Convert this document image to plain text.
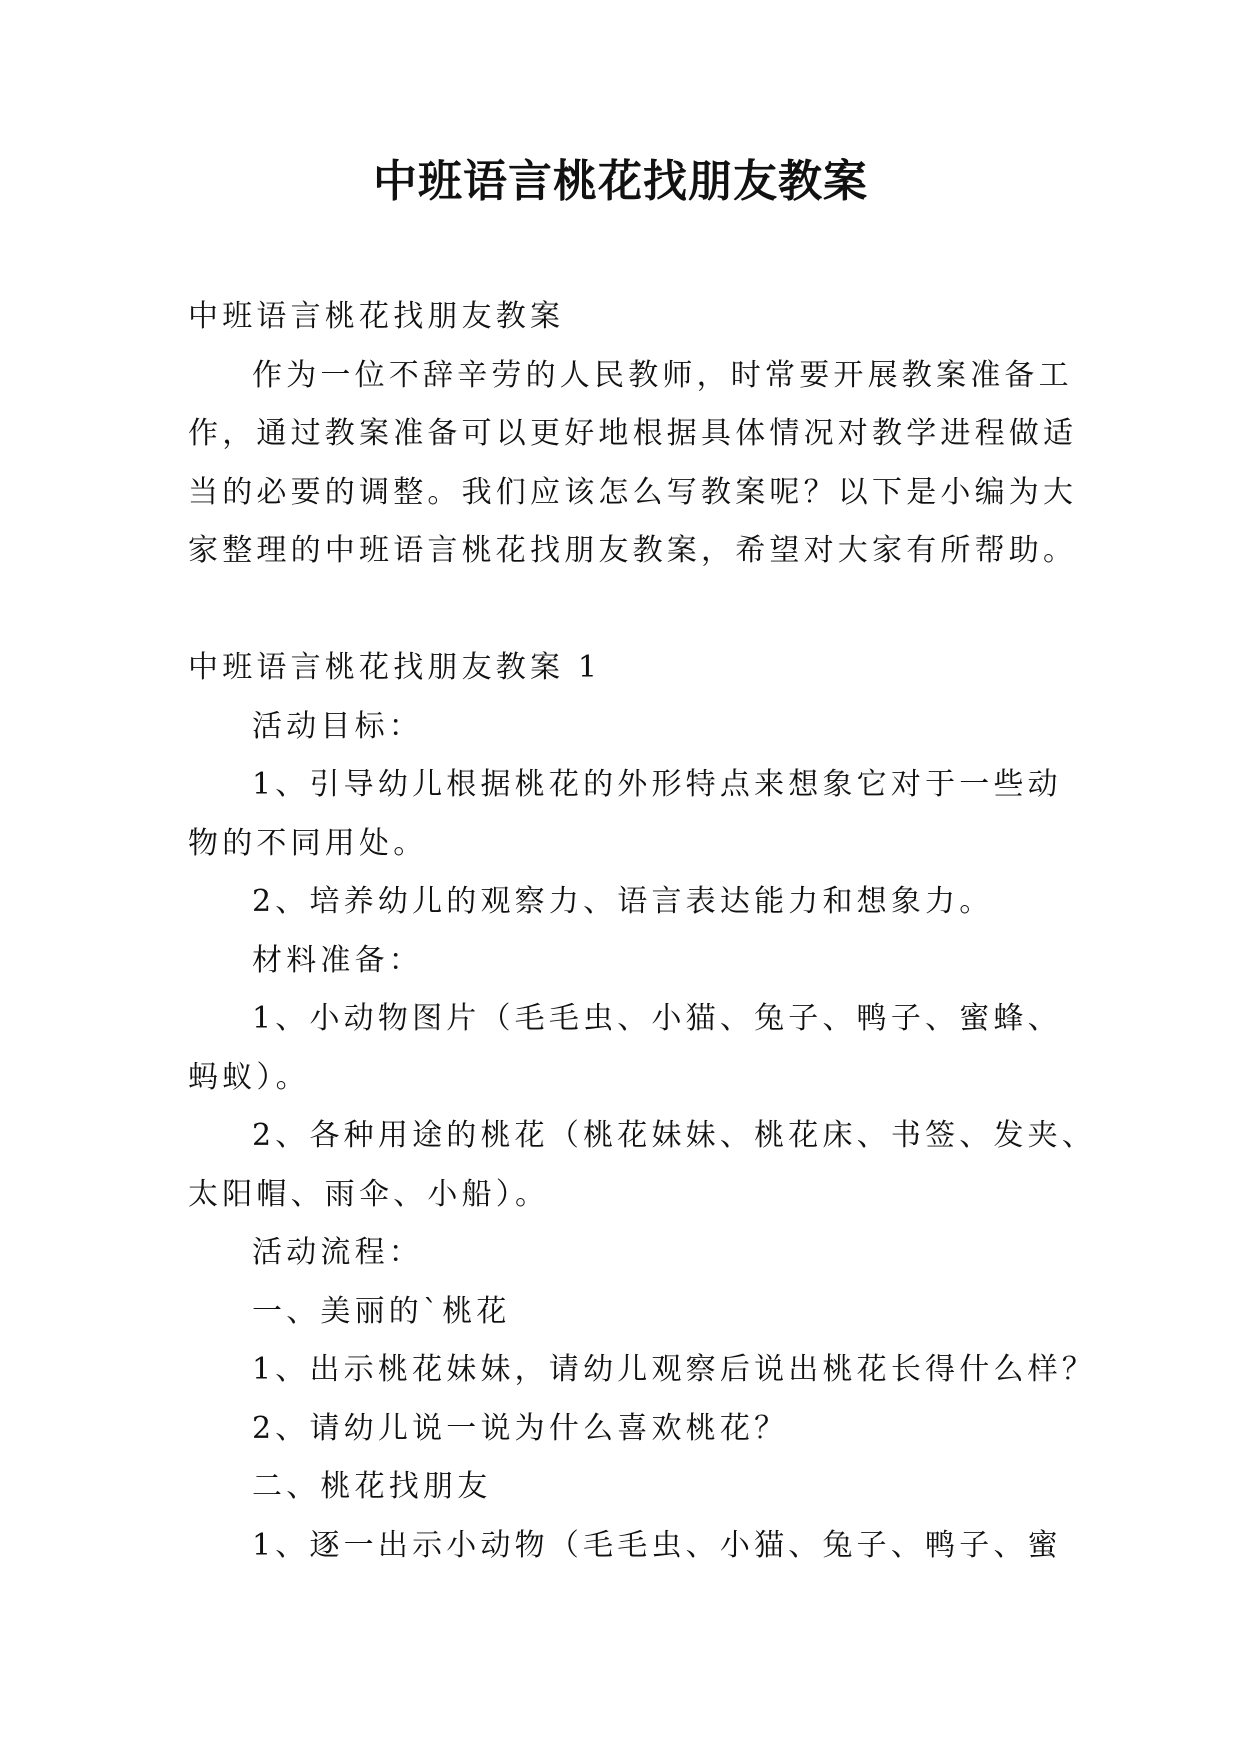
中班语言桃花找朋友教案

中班语言桃花找朋友教案

作为一位不辞辛劳的人民教师，时常要开展教案准备工

作，通过教案准备可以更好地根据具体情况对教学进程做适

当的必要的调整。我们应该怎么写教案呢？以下是小编为大

家整理的中班语言桃花找朋友教案，希望对大家有所帮助。

中班语言桃花找朋友教案 1

活动目标：

1、引导幼儿根据桃花的外形特点来想象它对于一些动

物的不同用处。

2、培养幼儿的观察力、语言表达能力和想象力。

材料准备：

1、小动物图片（毛毛虫、小猫、兔子、鸭子、蜜蜂、

蚂蚁）。

2、各种用途的桃花（桃花妹妹、桃花床、书签、发夹、

太阳帽、雨伞、小船）。

活动流程：

一、美丽的`桃花

1、出示桃花妹妹，请幼儿观察后说出桃花长得什么样？

2、请幼儿说一说为什么喜欢桃花？

二、桃花找朋友

1、逐一出示小动物（毛毛虫、小猫、兔子、鸭子、蜜
